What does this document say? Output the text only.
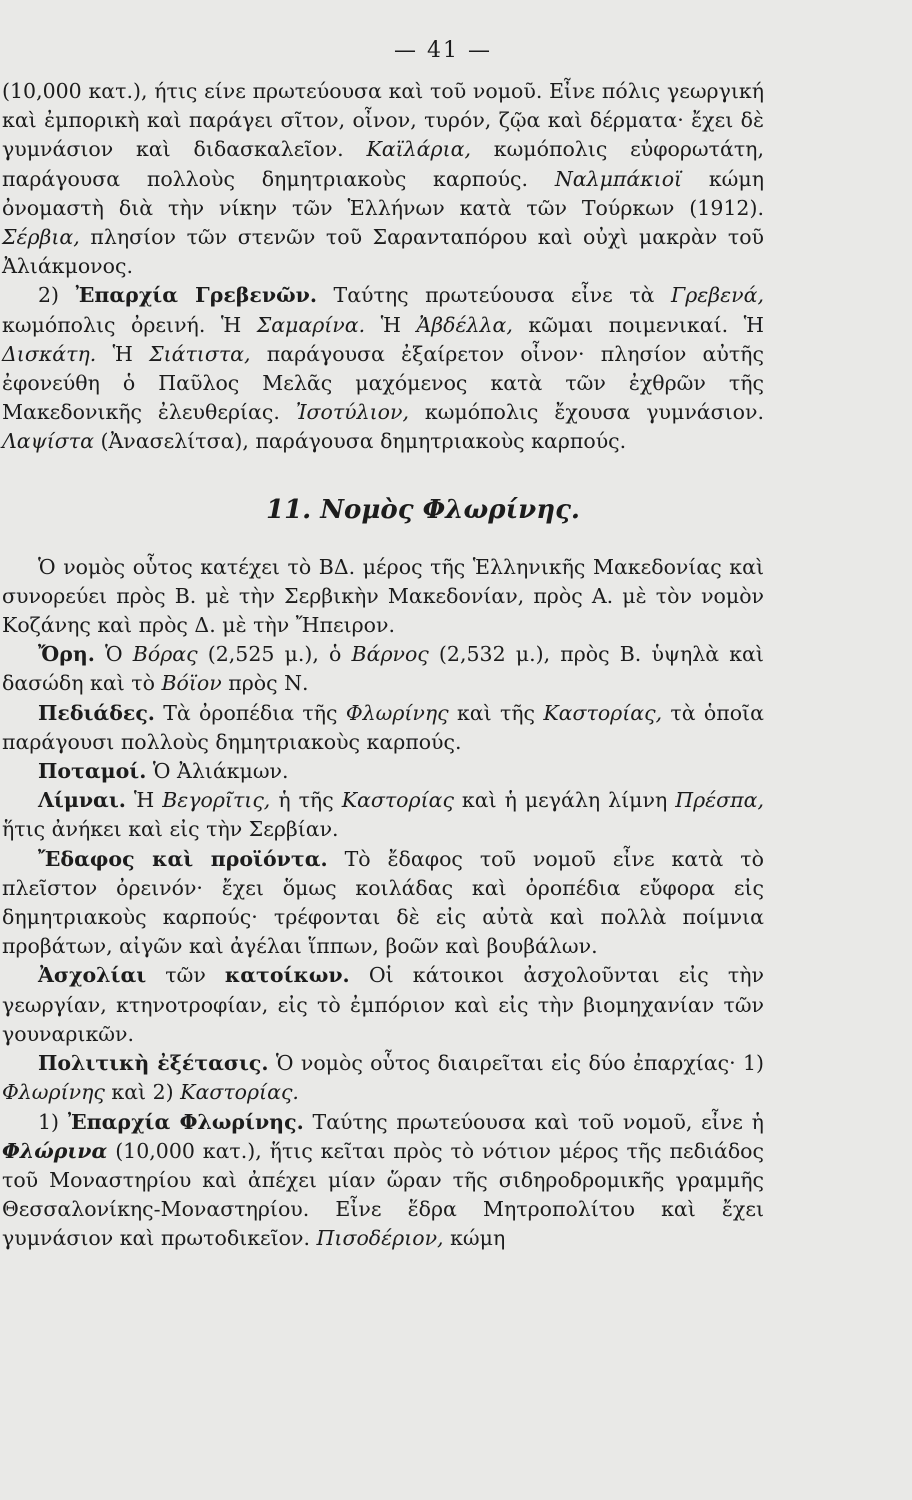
— 41 —

(10,000 κατ.), ήτις είνε πρωτεύουσα καὶ τοῦ νομοῦ. Εἶνε πόλις γεωργική καὶ ἐμπορικὴ καὶ παράγει σῖτον, οἶνον, τυρόν, ζῷα καὶ δέρματα· ἔχει δὲ γυμνάσιον καὶ διδασκαλεῖον. Καϊλάρια, κωμόπολις εὐφορωτάτη, παράγουσα πολλοὺς δημητριακοὺς καρπούς. Ναλμπάκιοϊ κώμη ὀνομαστὴ διὰ τὴν νίκην τῶν Ἑλλήνων κατὰ τῶν Τούρκων (1912). Σέρβια, πλησίον τῶν στενῶν τοῦ Σαρανταπόρου καὶ οὐχὶ μακρὰν τοῦ Ἀλιάκμονος.

2) Ἐπαρχία Γρεβενῶν. Ταύτης πρωτεύουσα εἶνε τὰ Γρεβενά, κωμόπολις ὀρεινή. Ἡ Σαμαρίνα. Ἡ Ἀβδέλλα, κῶμαι ποιμενικαί. Ἡ Δισκάτη. Ἡ Σιάτιστα, παράγουσα ἐξαίρετον οἶνον· πλησίον αὐτῆς ἐφονεύθη ὁ Παῦλος Μελᾶς μαχόμενος κατὰ τῶν ἐχθρῶν τῆς Μακεδονικῆς ἐλευθερίας. Ἰσοτύλιον, κωμόπολις ἔχουσα γυμνάσιον. Λαψίστα (Ἀνασελίτσα), παράγουσα δημητριακοὺς καρπούς.

11. Νομὸς Φλωρίνης.

Ὁ νομὸς οὗτος κατέχει τὸ ΒΔ. μέρος τῆς Ἑλληνικῆς Μακεδονίας καὶ συνορεύει πρὸς Β. μὲ τὴν Σερβικὴν Μακεδονίαν, πρὸς Α. μὲ τὸν νομὸν Κοζάνης καὶ πρὸς Δ. μὲ τὴν Ἤπειρον.

Ὄρη. Ὁ Βόρας (2,525 μ.), ὁ Βάρνος (2,532 μ.), πρὸς Β. ὑψηλὰ καὶ δασώδη καὶ τὸ Βόϊον πρὸς Ν.

Πεδιάδες. Τὰ ὀροπέδια τῆς Φλωρίνης καὶ τῆς Καστορίας, τὰ ὁποῖα παράγουσι πολλοὺς δημητριακοὺς καρπούς.

Ποταμοί. Ὁ Ἀλιάκμων.

Λίμναι. Ἡ Βεγορῖτις, ἡ τῆς Καστορίας καὶ ἡ μεγάλη λίμνη Πρέσπα, ἥτις ἀνήκει καὶ εἰς τὴν Σερβίαν.

Ἔδαφος καὶ προϊόντα. Τὸ ἔδαφος τοῦ νομοῦ εἶνε κατὰ τὸ πλεῖστον ὀρεινόν· ἔχει ὅμως κοιλάδας καὶ ὀροπέδια εὔφορα εἰς δημητριακοὺς καρπούς· τρέφονται δὲ εἰς αὐτὰ καὶ πολλὰ ποίμνια προβάτων, αἰγῶν καὶ ἀγέλαι ἵππων, βοῶν καὶ βουβάλων.

Ἀσχολίαι τῶν κατοίκων. Οἱ κάτοικοι ἀσχολοῦνται εἰς τὴν γεωργίαν, κτηνοτροφίαν, εἰς τὸ ἐμπόριον καὶ εἰς τὴν βιομηχανίαν τῶν γουναρικῶν.

Πολιτικὴ ἐξέτασις. Ὁ νομὸς οὗτος διαιρεῖται εἰς δύο ἐπαρχίας· 1) Φλωρίνης καὶ 2) Καστορίας.

1) Ἐπαρχία Φλωρίνης. Ταύτης πρωτεύουσα καὶ τοῦ νομοῦ, εἶνε ἡ Φλώρινα (10,000 κατ.), ἥτις κεῖται πρὸς τὸ νότιον μέρος τῆς πεδιάδος τοῦ Μοναστηρίου καὶ ἀπέχει μίαν ὥραν τῆς σιδηροδρομικῆς γραμμῆς Θεσσαλονίκης-Μοναστηρίου. Εἶνε ἕδρα Μητροπολίτου καὶ ἔχει γυμνάσιον καὶ πρωτοδικεῖον. Πισοδέριον, κώμη
